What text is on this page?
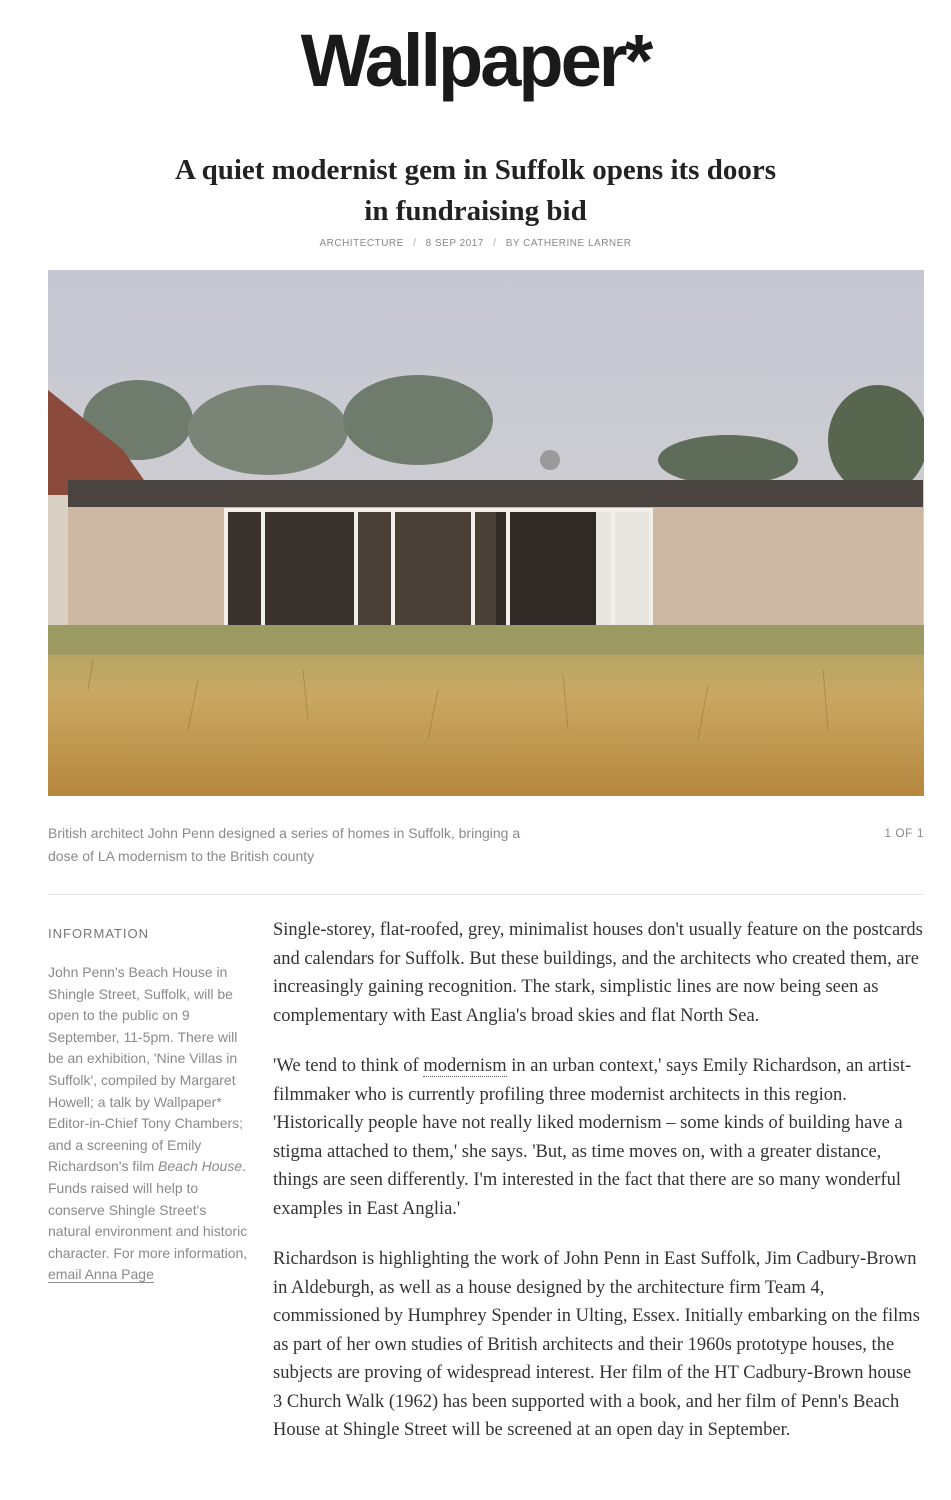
Wallpaper*
A quiet modernist gem in Suffolk opens its doors
in fundraising bid
ARCHITECTURE / 8 SEP 2017 / BY CATHERINE LARNER
British architect John Penn designed a series of homes in Suffolk, bringing a
dose of LA modernism to the British county
1 OF 1
INFORMATION
John Penn's Beach House in Shingle Street, Suffolk, will be open to the public on 9 September, 11-5pm. There will be an exhibition, 'Nine Villas in Suffolk', compiled by Margaret Howell; a talk by Wallpaper* Editor-in-Chief Tony Chambers; and a screening of Emily Richardson's film Beach House. Funds raised will help to conserve Shingle Street's natural environment and historic character. For more information, email Anna Page

Single-storey, flat-roofed, grey, minimalist houses don't usually feature on the postcards and calendars for Suffolk. But these buildings, and the architects who created them, are increasingly gaining recognition. The stark, simplistic lines are now being seen as complementary with East Anglia's broad skies and flat North Sea.

'We tend to think of modernism in an urban context,' says Emily Richardson, an artist-filmmaker who is currently profiling three modernist architects in this region. 'Historically people have not really liked modernism – some kinds of building have a stigma attached to them,' she says. 'But, as time moves on, with a greater distance, things are seen differently. I'm interested in the fact that there are so many wonderful examples in East Anglia.'

Richardson is highlighting the work of John Penn in East Suffolk, Jim Cadbury-Brown in Aldeburgh, as well as a house designed by the architecture firm Team 4, commissioned by Humphrey Spender in Ulting, Essex. Initially embarking on the films as part of her own studies of British architects and their 1960s prototype houses, the subjects are proving of widespread interest. Her film of the HT Cadbury-Brown house 3 Church Walk (1962) has been supported with a book, and her film of Penn's Beach House at Shingle Street will be screened at an open day in September.
